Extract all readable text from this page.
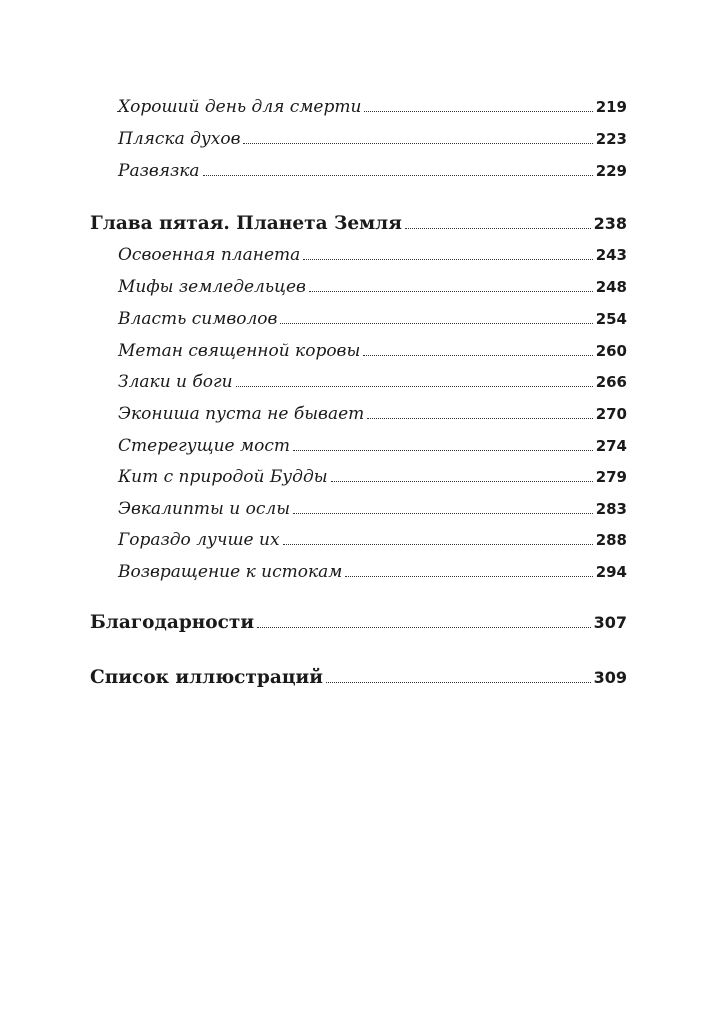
Хороший день для смерти	219
Пляска духов	223
Развязка	229
Глава пятая. Планета Земля	238
Освоенная планета	243
Мифы земледельцев	248
Власть символов	254
Метан священной коровы	260
Злаки и боги	266
Экониша пуста не бывает	270
Стерегущие мост	274
Кит с природой Будды	279
Эвкалипты и ослы	283
Гораздо лучше их	288
Возвращение к истокам	294
Благодарности	307
Список иллюстраций	309
